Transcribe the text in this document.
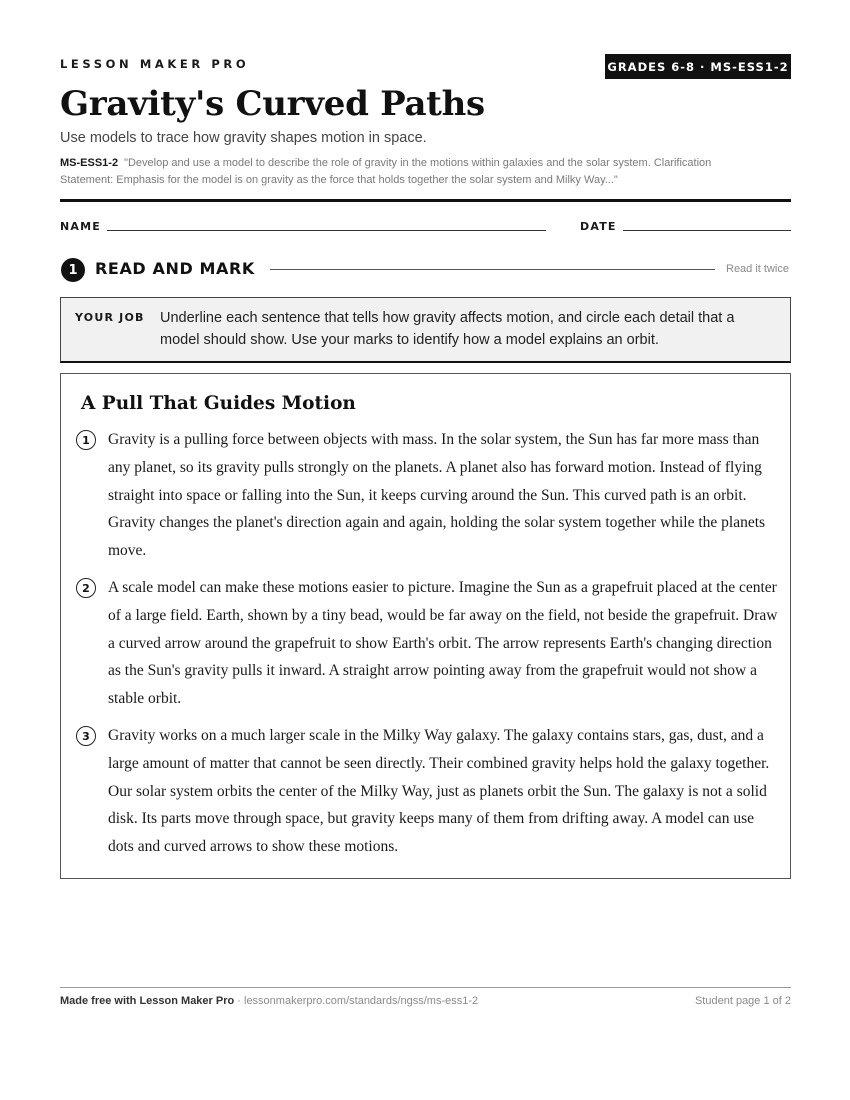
LESSON MAKER PRO	GRADES 6-8 · MS-ESS1-2
Gravity's Curved Paths
Use models to trace how gravity shapes motion in space.
MS-ESS1-2 "Develop and use a model to describe the role of gravity in the motions within galaxies and the solar system. Clarification Statement: Emphasis for the model is on gravity as the force that holds together the solar system and Milky Way..."
NAME	DATE
1	READ AND MARK	Read it twice
YOUR JOB Underline each sentence that tells how gravity affects motion, and circle each detail that a model should show. Use your marks to identify how a model explains an orbit.
A Pull That Guides Motion
1	Gravity is a pulling force between objects with mass. In the solar system, the Sun has far more mass than any planet, so its gravity pulls strongly on the planets. A planet also has forward motion. Instead of flying straight into space or falling into the Sun, it keeps curving around the Sun. This curved path is an orbit. Gravity changes the planet's direction again and again, holding the solar system together while the planets move.
2	A scale model can make these motions easier to picture. Imagine the Sun as a grapefruit placed at the center of a large field. Earth, shown by a tiny bead, would be far away on the field, not beside the grapefruit. Draw a curved arrow around the grapefruit to show Earth's orbit. The arrow represents Earth's changing direction as the Sun's gravity pulls it inward. A straight arrow pointing away from the grapefruit would not show a stable orbit.
3	Gravity works on a much larger scale in the Milky Way galaxy. The galaxy contains stars, gas, dust, and a large amount of matter that cannot be seen directly. Their combined gravity helps hold the galaxy together. Our solar system orbits the center of the Milky Way, just as planets orbit the Sun. The galaxy is not a solid disk. Its parts move through space, but gravity keeps many of them from drifting away. A model can use dots and curved arrows to show these motions.
Made free with Lesson Maker Pro · lessonmakerpro.com/standards/ngss/ms-ess1-2	Student page 1 of 2
